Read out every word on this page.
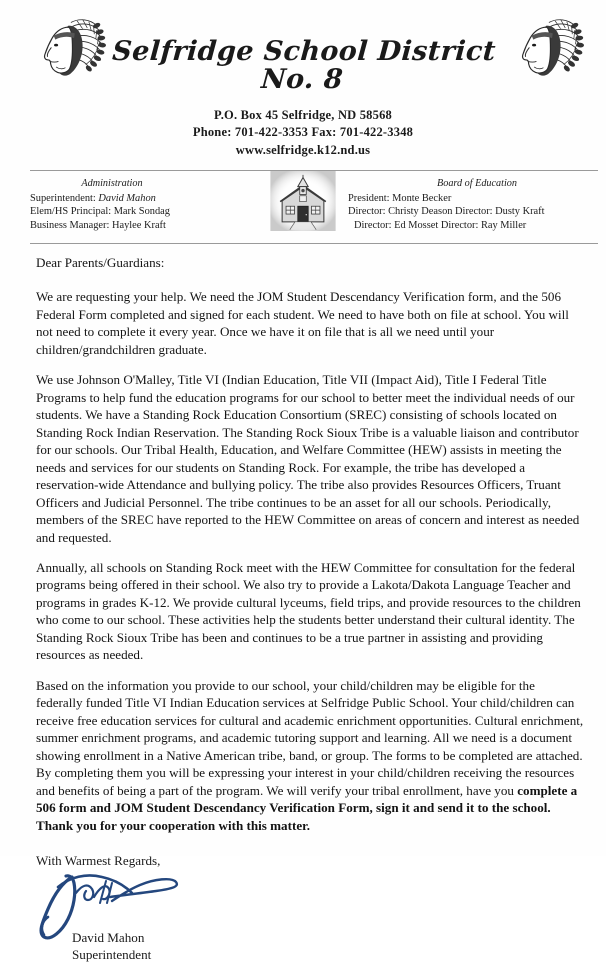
Selfridge School District No. 8
P.O. Box 45 Selfridge, ND 58568
Phone: 701-422-3353 Fax: 701-422-3348
www.selfridge.k12.nd.us
Administration
Superintendent: David Mahon
Elem/HS Principal: Mark Sondag
Business Manager: Haylee Kraft
Board of Education
President: Monte Becker
Director: Christy Deason Director: Dusty Kraft
Director: Ed Mosset Director: Ray Miller

Dear Parents/Guardians:

We are requesting your help. We need the JOM Student Descendancy Verification form, and the 506 Federal Form completed and signed for each student. We need to have both on file at school. You will not need to complete it every year. Once we have it on file that is all we need until your children/grandchildren graduate.

We use Johnson O'Malley, Title VI (Indian Education, Title VII (Impact Aid), Title I Federal Title Programs to help fund the education programs for our school to better meet the individual needs of our students. We have a Standing Rock Education Consortium (SREC) consisting of schools located on Standing Rock Indian Reservation. The Standing Rock Sioux Tribe is a valuable liaison and contributor for our schools. Our Tribal Health, Education, and Welfare Committee (HEW) assists in meeting the needs and services for our students on Standing Rock. For example, the tribe has developed a reservation-wide Attendance and bullying policy. The tribe also provides Resources Officers, Truant Officers and Judicial Personnel. The tribe continues to be an asset for all our schools. Periodically, members of the SREC have reported to the HEW Committee on areas of concern and interest as needed and requested.

Annually, all schools on Standing Rock meet with the HEW Committee for consultation for the federal programs being offered in their school. We also try to provide a Lakota/Dakota Language Teacher and programs in grades K-12. We provide cultural lyceums, field trips, and provide resources to the children who come to our school. These activities help the students better understand their cultural identity. The Standing Rock Sioux Tribe has been and continues to be a true partner in assisting and providing resources as needed.

Based on the information you provide to our school, your child/children may be eligible for the federally funded Title VI Indian Education services at Selfridge Public School. Your child/children can receive free education services for cultural and academic enrichment opportunities. Cultural enrichment, summer enrichment programs, and academic tutoring support and learning. All we need is a document showing enrollment in a Native American tribe, band, or group. The forms to be completed are attached. By completing them you will be expressing your interest in your child/children receiving the resources and benefits of being a part of the program. We will verify your tribal enrollment, have you complete a 506 form and JOM Student Descendancy Verification Form, sign it and send it to the school. Thank you for your cooperation with this matter.

With Warmest Regards,
David Mahon
Superintendent
